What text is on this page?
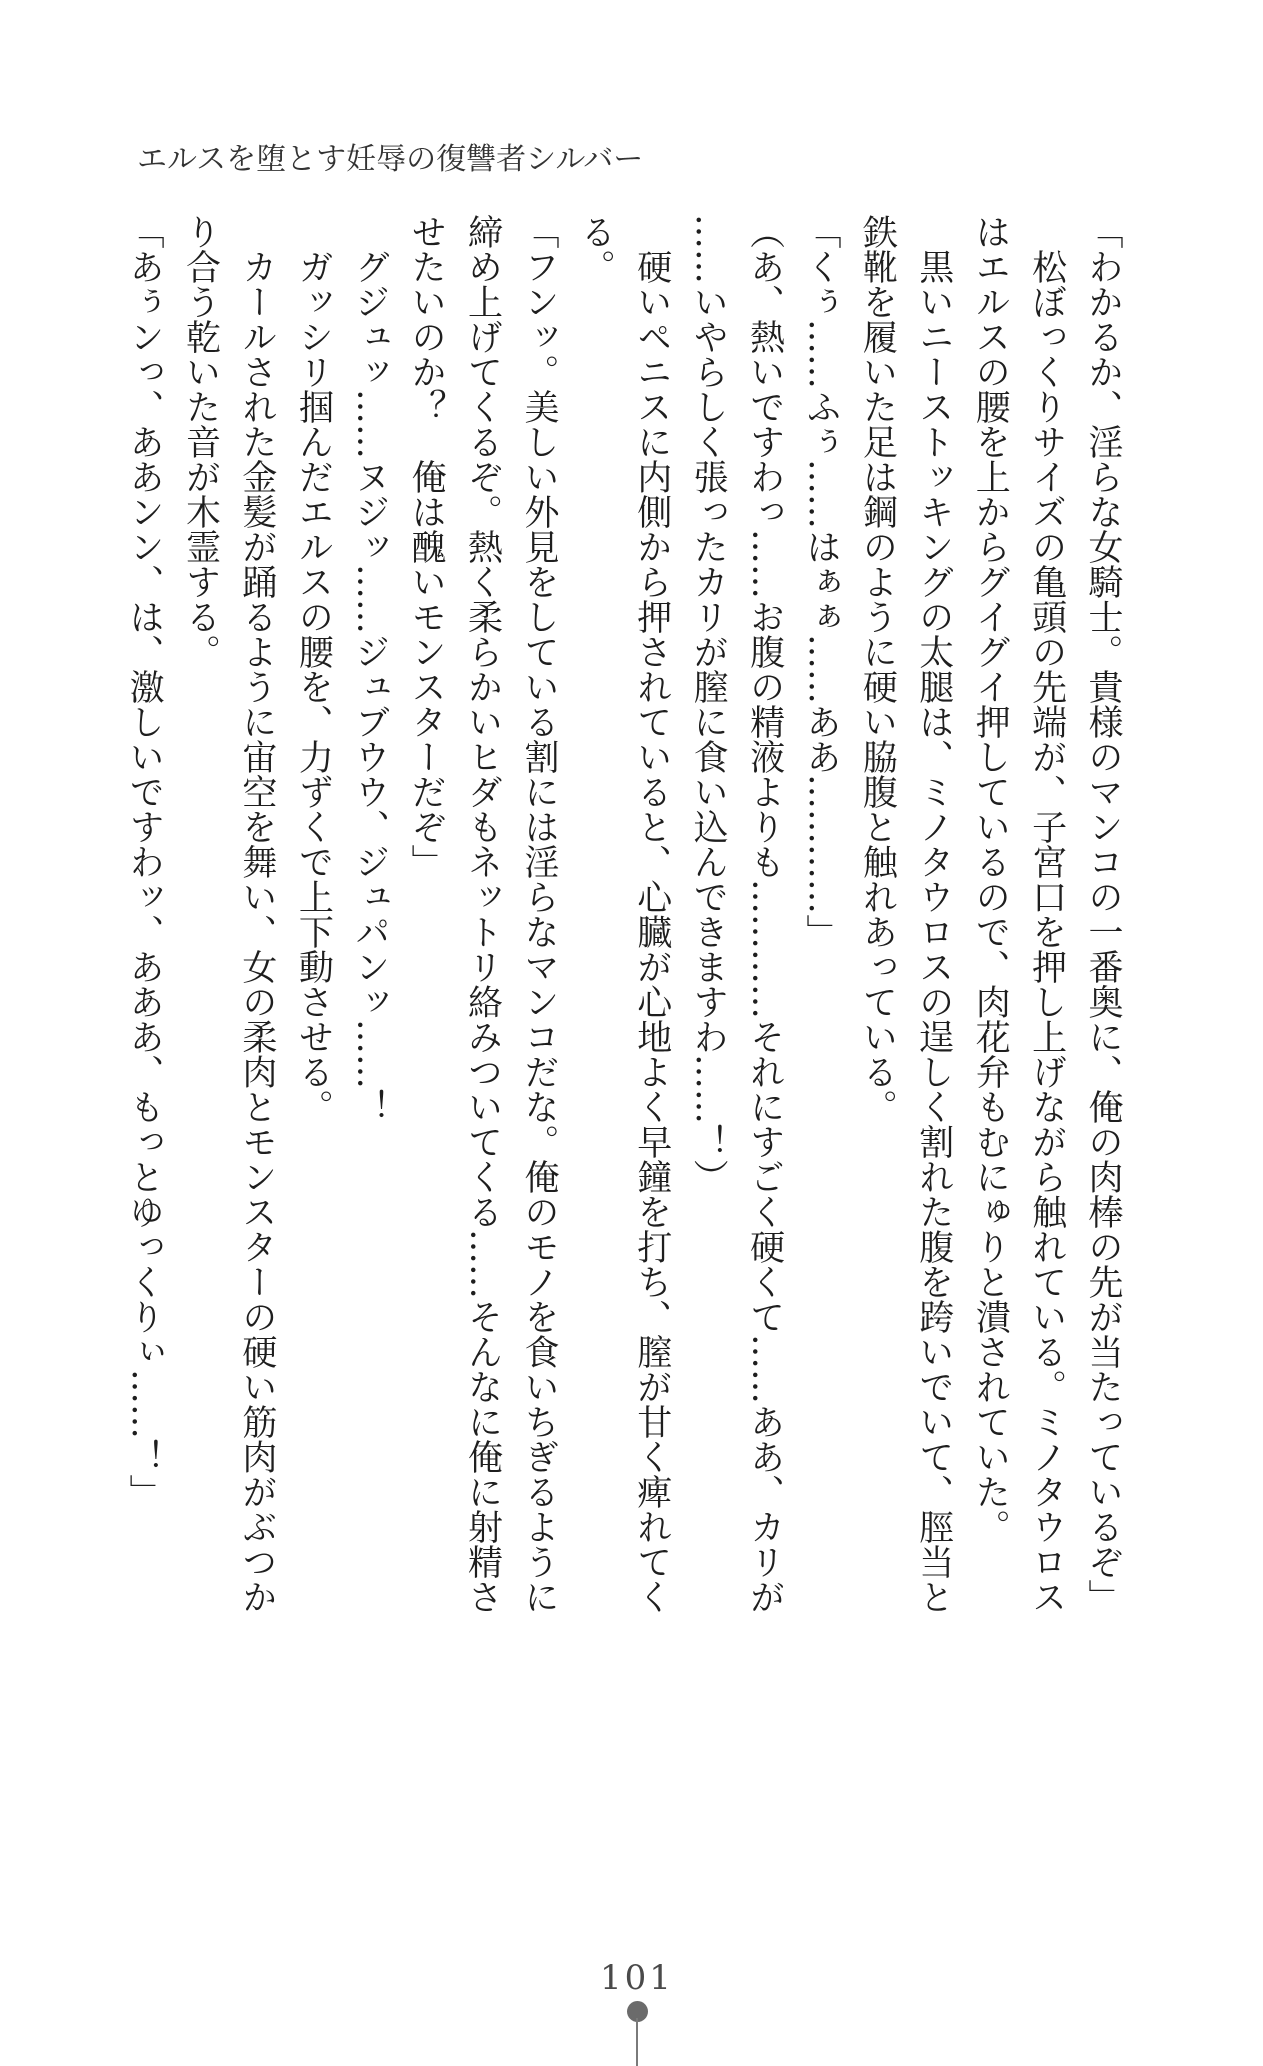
エルスを堕とす妊辱の復讐者シルバー
「わかるか、淫らな女騎士。貴様のマンコの一番奥に、俺の肉棒の先が当たっているぞ」
　松ぼっくりサイズの亀頭の先端が、子宮口を押し上げながら触れている。ミノタウロス
はエルスの腰を上からグイグイ押しているので、肉花弁もむにゅりと潰されていた。
　黒いニーストッキングの太腿は、ミノタウロスの逞しく割れた腹を跨いでいて、脛当と
鉄靴を履いた足は鋼のように硬い脇腹と触れあっている。
「くぅ……ふぅ……はぁぁ……ああ…………」
（あ、熱いですわっ……お腹の精液よりも…………それにすごく硬くて……ああ、カリが
……いやらしく張ったカリが膣に食い込んできますわ……！）
　硬いペニスに内側から押されていると、心臓が心地よく早鐘を打ち、膣が甘く痺れてく
る。
「フンッ。美しい外見をしている割には淫らなマンコだな。俺のモノを食いちぎるように
締め上げてくるぞ。熱く柔らかいヒダもネットリ絡みついてくる……そんなに俺に射精さ
せたいのか？　俺は醜いモンスターだぞ」
　グジュッ……ヌジッ……ジュブウウ、ジュパンッ……！
　ガッシリ掴んだエルスの腰を、力ずくで上下動させる。
　カールされた金髪が踊るように宙空を舞い、女の柔肉とモンスターの硬い筋肉がぶつか
り合う乾いた音が木霊する。
「あぅンっ、ああンン、は、激しいですわッ、あああ、もっとゆっくりぃ……！」
101
